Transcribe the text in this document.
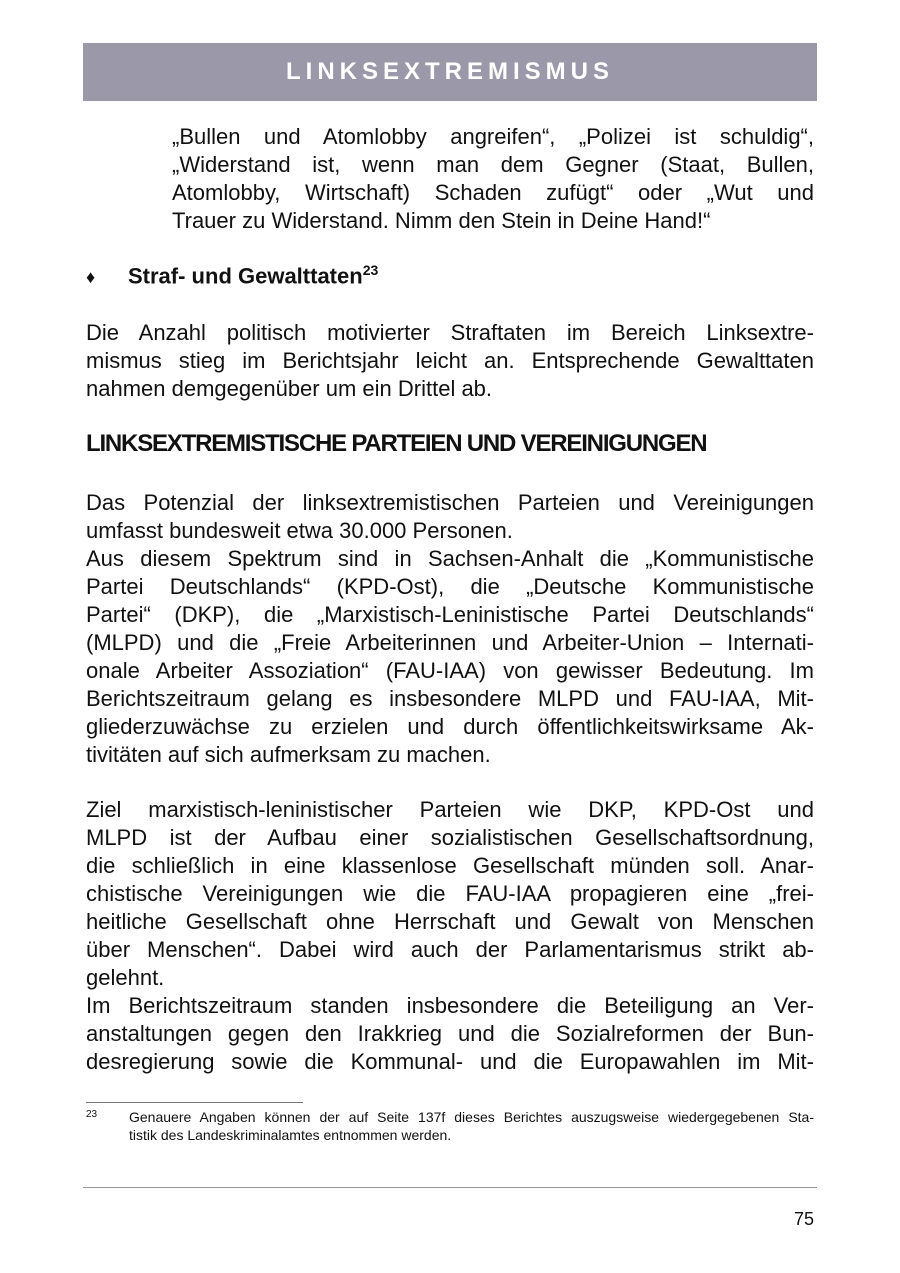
LINKSEXTREMISMUS
„Bullen und Atomlobby angreifen“, „Polizei ist schuldig“,
„Widerstand ist, wenn man dem Gegner (Staat, Bullen,
Atomlobby, Wirtschaft) Schaden zufügt“ oder „Wut und
Trauer zu Widerstand. Nimm den Stein in Deine Hand!“
♦ Straf- und Gewalttaten$^{23}$
Die Anzahl politisch motivierter Straftaten im Bereich Linksextre-
mismus stieg im Berichtsjahr leicht an. Entsprechende Gewalttaten
nahmen demgegenüber um ein Drittel ab.
LINKSEXTREMISTISCHE PARTEIEN UND VEREINIGUNGEN
Das Potenzial der linksextremistischen Parteien und Vereinigungen
umfasst bundesweit etwa 30.000 Personen.
Aus diesem Spektrum sind in Sachsen-Anhalt die „Kommunistische
Partei Deutschlands“ (KPD-Ost), die „Deutsche Kommunistische
Partei“ (DKP), die „Marxistisch-Leninistische Partei Deutschlands“
(MLPD) und die „Freie Arbeiterinnen und Arbeiter-Union – Internati-
onale Arbeiter Assoziation“ (FAU-IAA) von gewisser Bedeutung. Im
Berichtszeitraum gelang es insbesondere MLPD und FAU-IAA, Mit-
gliederzuwächse zu erzielen und durch öffentlichkeitswirksame Ak-
tivitäten auf sich aufmerksam zu machen.
Ziel marxistisch-leninistischer Parteien wie DKP, KPD-Ost und
MLPD ist der Aufbau einer sozialistischen Gesellschaftsordnung,
die schließlich in eine klassenlose Gesellschaft münden soll. Anar-
chistische Vereinigungen wie die FAU-IAA propagieren eine „frei-
heitliche Gesellschaft ohne Herrschaft und Gewalt von Menschen
über Menschen“. Dabei wird auch der Parlamentarismus strikt ab-
gelehnt.
Im Berichtszeitraum standen insbesondere die Beteiligung an Ver-
anstaltungen gegen den Irakkrieg und die Sozialreformen der Bun-
desregierung sowie die Kommunal- und die Europawahlen im Mit-
23 Genauere Angaben können der auf Seite 137f dieses Berichtes auszugsweise wiedergegebenen Sta-
tistik des Landeskriminalamtes entnommen werden.
75
